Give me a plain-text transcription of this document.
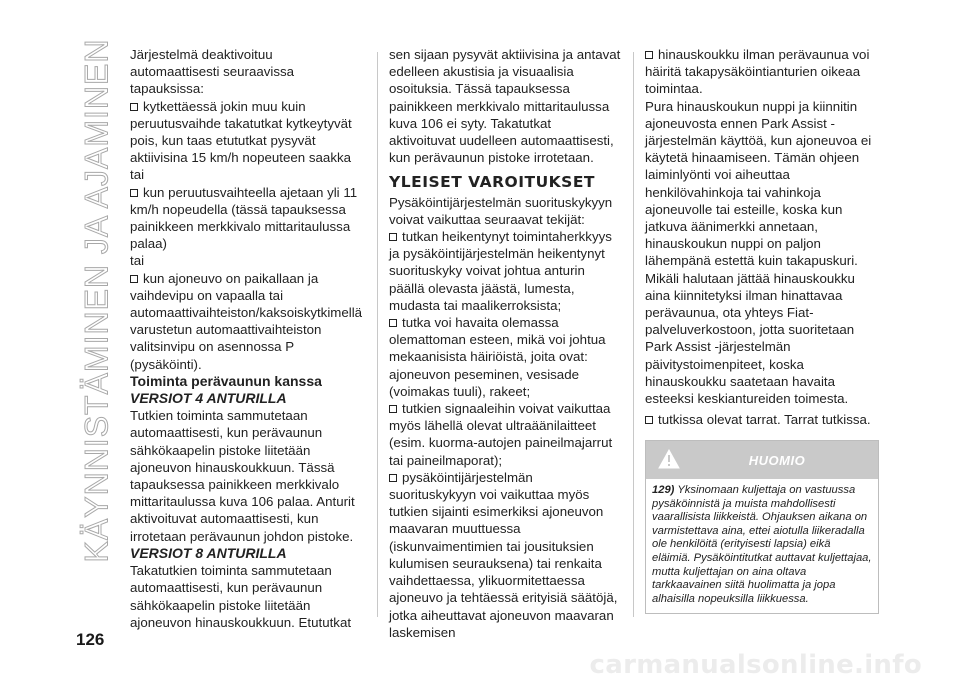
KÄYNNISTÄMINEN JA AJAMINEN Järjestelmä deaktivoituu automaattisesti seuraavissa tapauksissa:

kytkettäessä jokin muu kuin peruutusvaihde takatutkat kytkeytyvät pois, kun taas etututkat pysyvät aktiivisina 15 km/h nopeuteen saakka

tai

kun peruutusvaihteella ajetaan yli 11 km/h nopeudella (tässä tapauksessa painikkeen merkkivalo mittaritaulussa palaa)

tai

kun ajoneuvo on paikallaan ja vaihdevipu on vapaalla tai automaattivaihteiston/kaksoiskytkimellä varustetun automaattivaihteiston valitsinvipu on asennossa P (pysäköinti).

Toiminta perävaunun kanssa

VERSIOT 4 ANTURILLA

Tutkien toiminta sammutetaan automaattisesti, kun perävaunun sähkökaapelin pistoke liitetään ajoneuvon hinauskoukkuun. Tässä tapauksessa painikkeen merkkivalo mittaritaulussa kuva 106 palaa. Anturit aktivoituvat automaattisesti, kun irrotetaan perävaunun johdon pistoke.

VERSIOT 8 ANTURILLA

Takatutkien toiminta sammutetaan automaattisesti, kun perävaunun sähkökaapelin pistoke liitetään ajoneuvon hinauskoukkuun. Etututkat

sen sijaan pysyvät aktiivisina ja antavat edelleen akustisia ja visuaalisia osoituksia. Tässä tapauksessa painikkeen merkkivalo mittaritaulussa kuva 106 ei syty. Takatutkat aktivoituvat uudelleen automaattisesti, kun perävaunun pistoke irrotetaan.

YLEISET VAROITUKSET

Pysäköintijärjestelmän suorituskykyyn voivat vaikuttaa seuraavat tekijät:

tutkan heikentynyt toimintaherkkyys ja pysäköintijärjestelmän heikentynyt suorituskyky voivat johtua anturin päällä olevasta jäästä, lumesta, mudasta tai maalikerroksista;

tutka voi havaita olemassa olemattoman esteen, mikä voi johtua mekaanisista häiriöistä, joita ovat: ajoneuvon peseminen, vesisade (voimakas tuuli), rakeet;

tutkien signaaleihin voivat vaikuttaa myös lähellä olevat ultraäänilaitteet (esim. kuorma-autojen paineilmajarrut tai paineilmaporat);

pysäköintijärjestelmän suorituskykyyn voi vaikuttaa myös tutkien sijainti esimerkiksi ajoneuvon maavaran muuttuessa (iskunvaimentimien tai jousituksien kulumisen seurauksena) tai renkaita vaihdettaessa, ylikuormitettaessa ajoneuvo ja tehtäessä erityisiä säätöjä, jotka aiheuttavat ajoneuvon maavaran laskemisen

hinauskoukku ilman perävaunua voi häiritä takapysäköintianturien oikeaa toimintaa.

Pura hinauskoukun nuppi ja kiinnitin ajoneuvosta ennen Park Assist -järjestelmän käyttöä, kun ajoneuvoa ei käytetä hinaamiseen. Tämän ohjeen laiminlyönti voi aiheuttaa henkilövahinkoja tai vahinkoja ajoneuvolle tai esteille, koska kun jatkuva äänimerkki annetaan, hinauskoukun nuppi on paljon lähempänä estettä kuin takapuskuri. Mikäli halutaan jättää hinauskoukku aina kiinnitetyksi ilman hinattavaa perävaunua, ota yhteys Fiat-palveluverkostoon, jotta suoritetaan Park Assist -järjestelmän päivitystoimenpiteet, koska hinauskoukku saatetaan havaita esteeksi keskiantureiden toimesta.

tutkissa olevat tarrat. Tarrat tutkissa.

HUOMIO
129) Yksinomaan kuljettaja on vastuussa pysäköinnistä ja muista mahdollisesti vaarallisista liikkeistä. Ohjauksen aikana on varmistettava aina, ettei aiotulla liikeradalla ole henkilöitä (erityisesti lapsia) eikä eläimiä. Pysäköintitutkat auttavat kuljettajaa, mutta kuljettajan on aina oltava tarkkaavainen siitä huolimatta ja jopa alhaisilla nopeuksilla liikkuessa.
126
carmanualsonline.info
